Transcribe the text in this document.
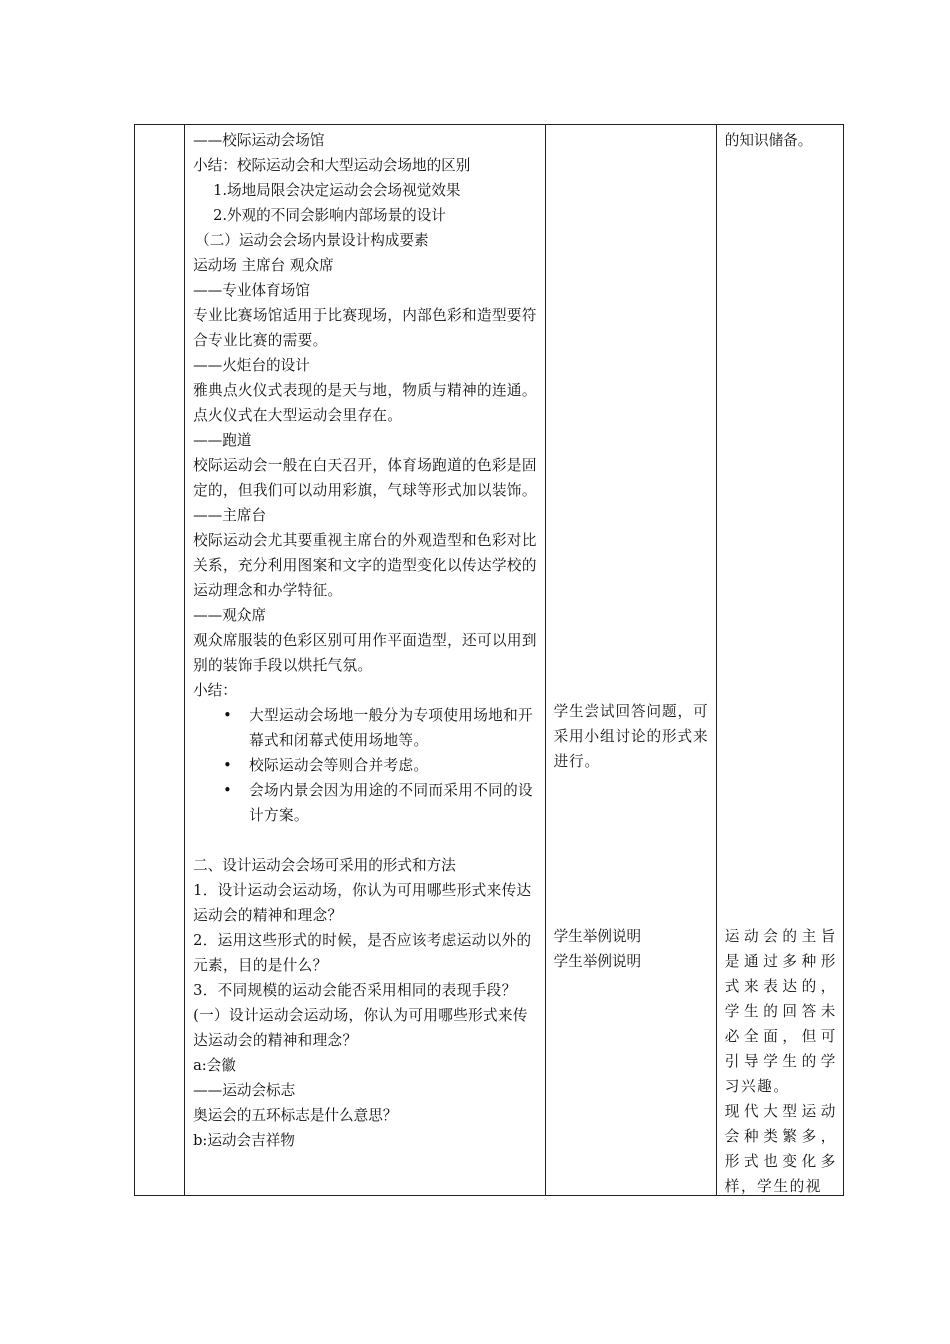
——校际运动会场馆
小结：校际运动会和大型运动会场地的区别
1.场地局限会决定运动会会场视觉效果
2.外观的不同会影响内部场景的设计
（二）运动会会场内景设计构成要素
运动场 主席台 观众席
——专业体育场馆
专业比赛场馆适用于比赛现场，内部色彩和造型要符合专业比赛的需要。
——火炬台的设计
雅典点火仪式表现的是天与地，物质与精神的连通。点火仪式在大型运动会里存在。
——跑道
校际运动会一般在白天召开，体育场跑道的色彩是固定的，但我们可以动用彩旗，气球等形式加以装饰。
——主席台
校际运动会尤其要重视主席台的外观造型和色彩对比关系，充分利用图案和文字的造型变化以传达学校的运动理念和办学特征。
——观众席
观众席服装的色彩区别可用作平面造型，还可以用到别的装饰手段以烘托气氛。
小结：
• 大型运动会场地一般分为专项使用场地和开幕式和闭幕式使用场地等。
• 校际运动会等则合并考虑。
• 会场内景会因为用途的不同而采用不同的设计方案。
二、设计运动会会场可采用的形式和方法
1．设计运动会运动场，你认为可用哪些形式来传达运动会的精神和理念？
2．运用这些形式的时候，是否应该考虑运动以外的元素，目的是什么？
3．不同规模的运动会能否采用相同的表现手段？
(一）设计运动会运动场，你认为可用哪些形式来传达运动会的精神和理念？
a:会徽
——运动会标志
奥运会的五环标志是什么意思？
b:运动会吉祥物

学生尝试回答问题，可采用小组讨论的形式来进行。
学生举例说明
学生举例说明

的知识储备。
运动会的主旨是通过多种形式来表达的，学生的回答未必全面，但可引导学生的学习兴趣。
现代大型运动会种类繁多，形式也变化多样，学生的视
